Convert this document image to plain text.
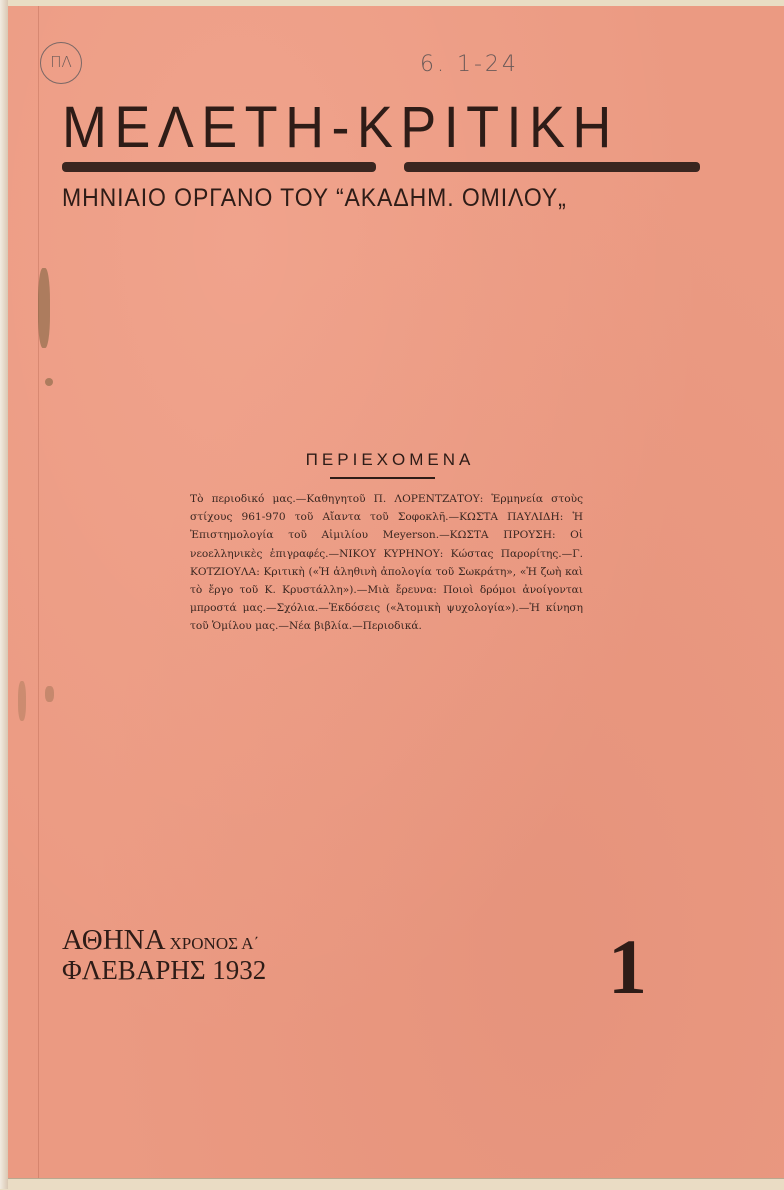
ΠΛ	6. 1-24
ΜΕΛΕΤΗ-ΚΡΙΤΙΚΗ
ΜΗΝΙΑΙΟ ΟΡΓΑΝΟ ΤΟΥ “ΑΚΑΔΗΜ. ΟΜΙΛΟΥ„
ΠΕΡΙΕΧΟΜΕΝΑ
Τὸ περιοδικό μας.—Καθηγητοῦ Π. ΛΟΡΕΝΤΖΑΤΟΥ: Ἑρμηνεία στοὺς στίχους 961-970 τοῦ Αἴαντα τοῦ Σοφοκλῆ.—ΚΩΣΤΑ ΠΑΥΛΙΔΗ: Ἡ Ἐπιστημολογία τοῦ Αἰμιλίου Meyerson.—ΚΩΣΤΑ ΠΡΟΥΣΗ: Οἱ νεοελληνικὲς ἐπιγραφές.—ΝΙΚΟΥ ΚΥΡΗΝΟΥ: Κώστας Παρορίτης.—Γ. ΚΟΤΖΙΟΥΛΑ: Κριτικὴ («Ἡ ἀληθινὴ ἀπολογία τοῦ Σωκράτη», «Ἡ ζωὴ καὶ τὸ ἔργο τοῦ Κ. Κρυστάλλη»).—Μιὰ ἔρευνα: Ποιοὶ δρόμοι ἀνοίγονται μπροστά μας.—Σχόλια.—Ἐκδόσεις («Ἀτομικὴ ψυχολογία»).—Ἡ κίνηση τοῦ Ὁμίλου μας.—Νέα βιβλία.—Περιοδικά.
ΑΘΗΝΑ ΧΡΟΝΟΣ Α΄
ΦΛΕΒΑΡΗΣ 1932	1
